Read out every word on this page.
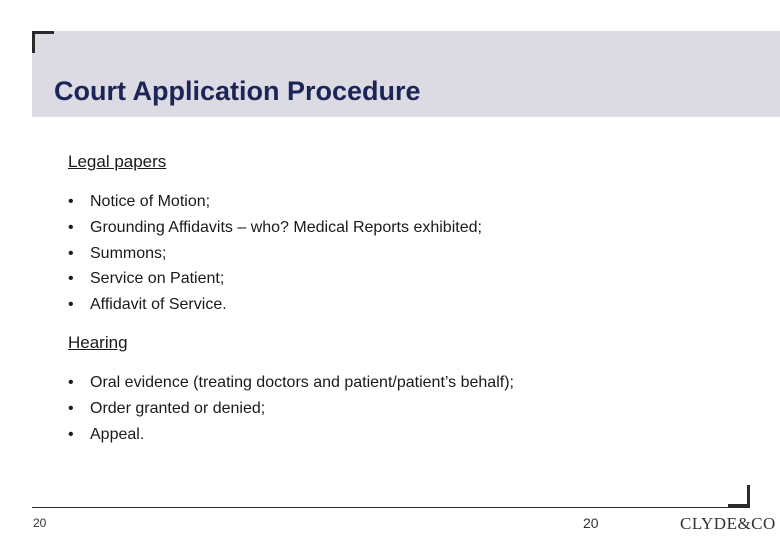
Court Application Procedure

Legal papers

• Notice of Motion;
• Grounding Affidavits – who? Medical Reports exhibited;
• Summons;
• Service on Patient;
• Affidavit of Service.

Hearing

• Oral evidence (treating doctors and patient/patient’s behalf);
• Order granted or denied;
• Appeal.
20	20	CLYDE&CO
